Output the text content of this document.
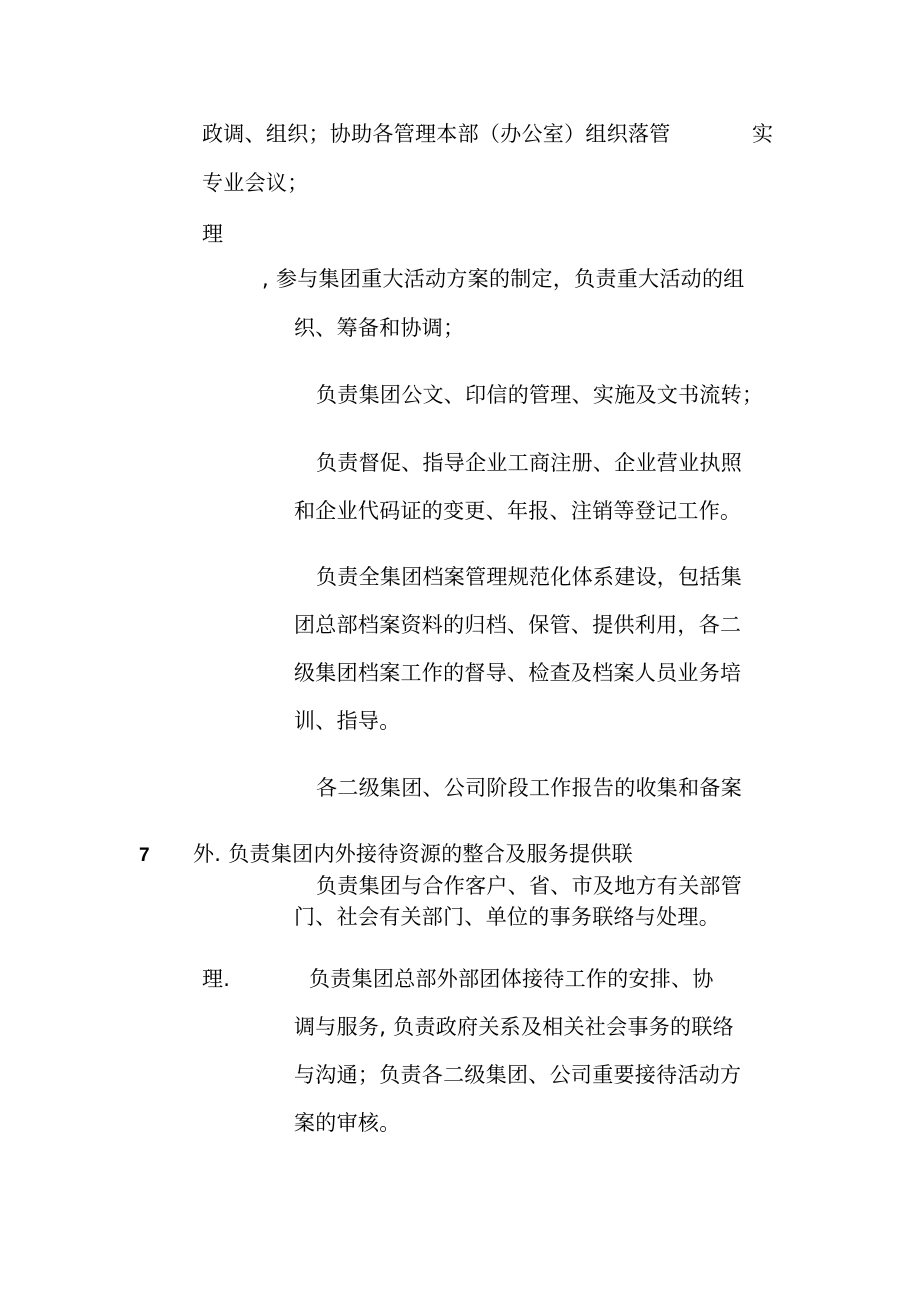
政调、组织；协助各管理本部（办公室）组织落管	实
专业会议；
理
, 参与集团重大活动方案的制定，负责重大活动的组
织、筹备和协调；
负责集团公文、印信的管理、实施及文书流转；
负责督促、指导企业工商注册、企业营业执照
和企业代码证的变更、年报、注销等登记工作。
负责全集团档案管理规范化体系建设，包括集
团总部档案资料的归档、保管、提供利用，各二
级集团档案工作的督导、检查及档案人员业务培
训、指导。
各二级集团、公司阶段工作报告的收集和备案
7 外. 负责集团内外接待资源的整合及服务提供联
负责集团与合作客户、省、市及地方有关部管
门、社会有关部门、单位的事务联络与处理。
理.	负责集团总部外部团体接待工作的安排、协
调与服务, 负责政府关系及相关社会事务的联络
与沟通；负责各二级集团、公司重要接待活动方
案的审核。
